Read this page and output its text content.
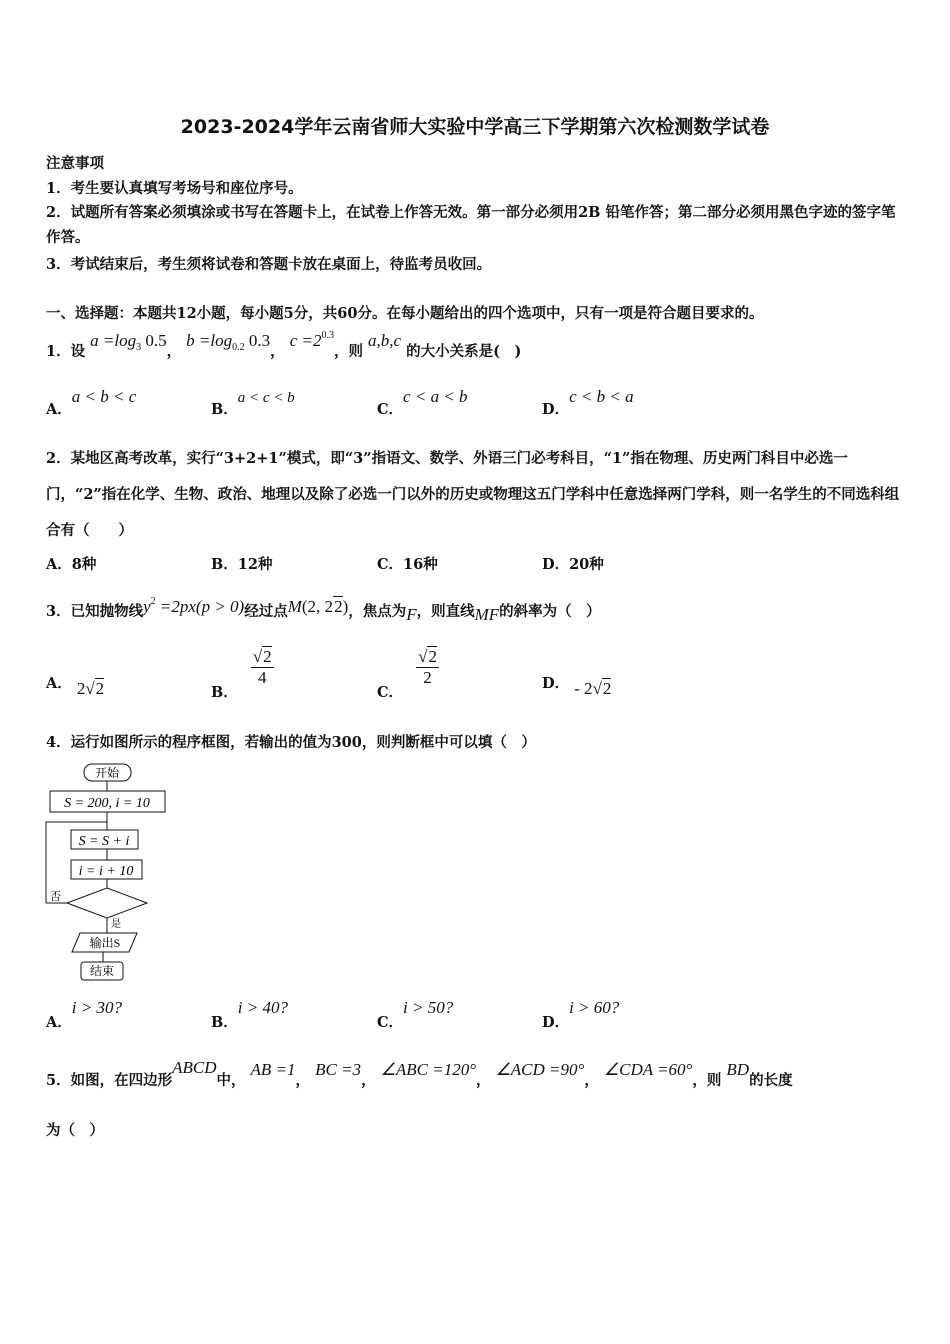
2023-2024学年云南省师大实验中学高三下学期第六次检测数学试卷
注意事项
1．考生要认真填写考场号和座位序号。
2．试题所有答案必须填涂或书写在答题卡上，在试卷上作答无效。第一部分必须用2B 铅笔作答；第二部分必须用黑色字迹的签字笔作答。
3．考试结束后，考生须将试卷和答题卡放在桌面上，待监考员收回。
一、选择题：本题共12小题，每小题5分，共60分。在每小题给出的四个选项中，只有一项是符合题目要求的。
1．设 $a =\log_3$ 0.5， $b =\log_{0.2}$ 0.3， $c =2^{0.3}$，则 a,b,c 的大小关系是(　)
A．a < b < c
B．a < c < b
C．c < a < b
D．c < b < a
2．某地区高考改革，实行“3+2+1”模式，即“3”指语文、数学、外语三门必考科目，“1”指在物理、历史两门科目中必选一门，“2”指在化学、生物、政治、地理以及除了必选一门以外的历史或物理这五门学科中任意选择两门学科，则一名学生的不同选科组合有（　　）
A．8种	B．12种	C．16种	D．20种
3．已知抛物线$y^2 =2px(p > 0)$经过点M(2, 22)，焦点为F，则直线MF的斜率为（　）
A． 2√2	B．
$\frac{√2}{4}$
C．
$\frac{√2}{2}$	D． - 2√2
4．运行如图所示的程序框图，若输出的值为300，则判断框中可以填（　）
开始
S = 200, i = 10
S = S + i
i = i + 10
否
是
输出S
结束
A．i > 30?
B．i > 40?
C．i > 50?
D．i > 60?
5．如图，在四边形ABCD中， AB =1， BC =3， ∠ABC =120°， ∠ACD =90°， ∠CDA =60°，则 BD的长度
为（　）
